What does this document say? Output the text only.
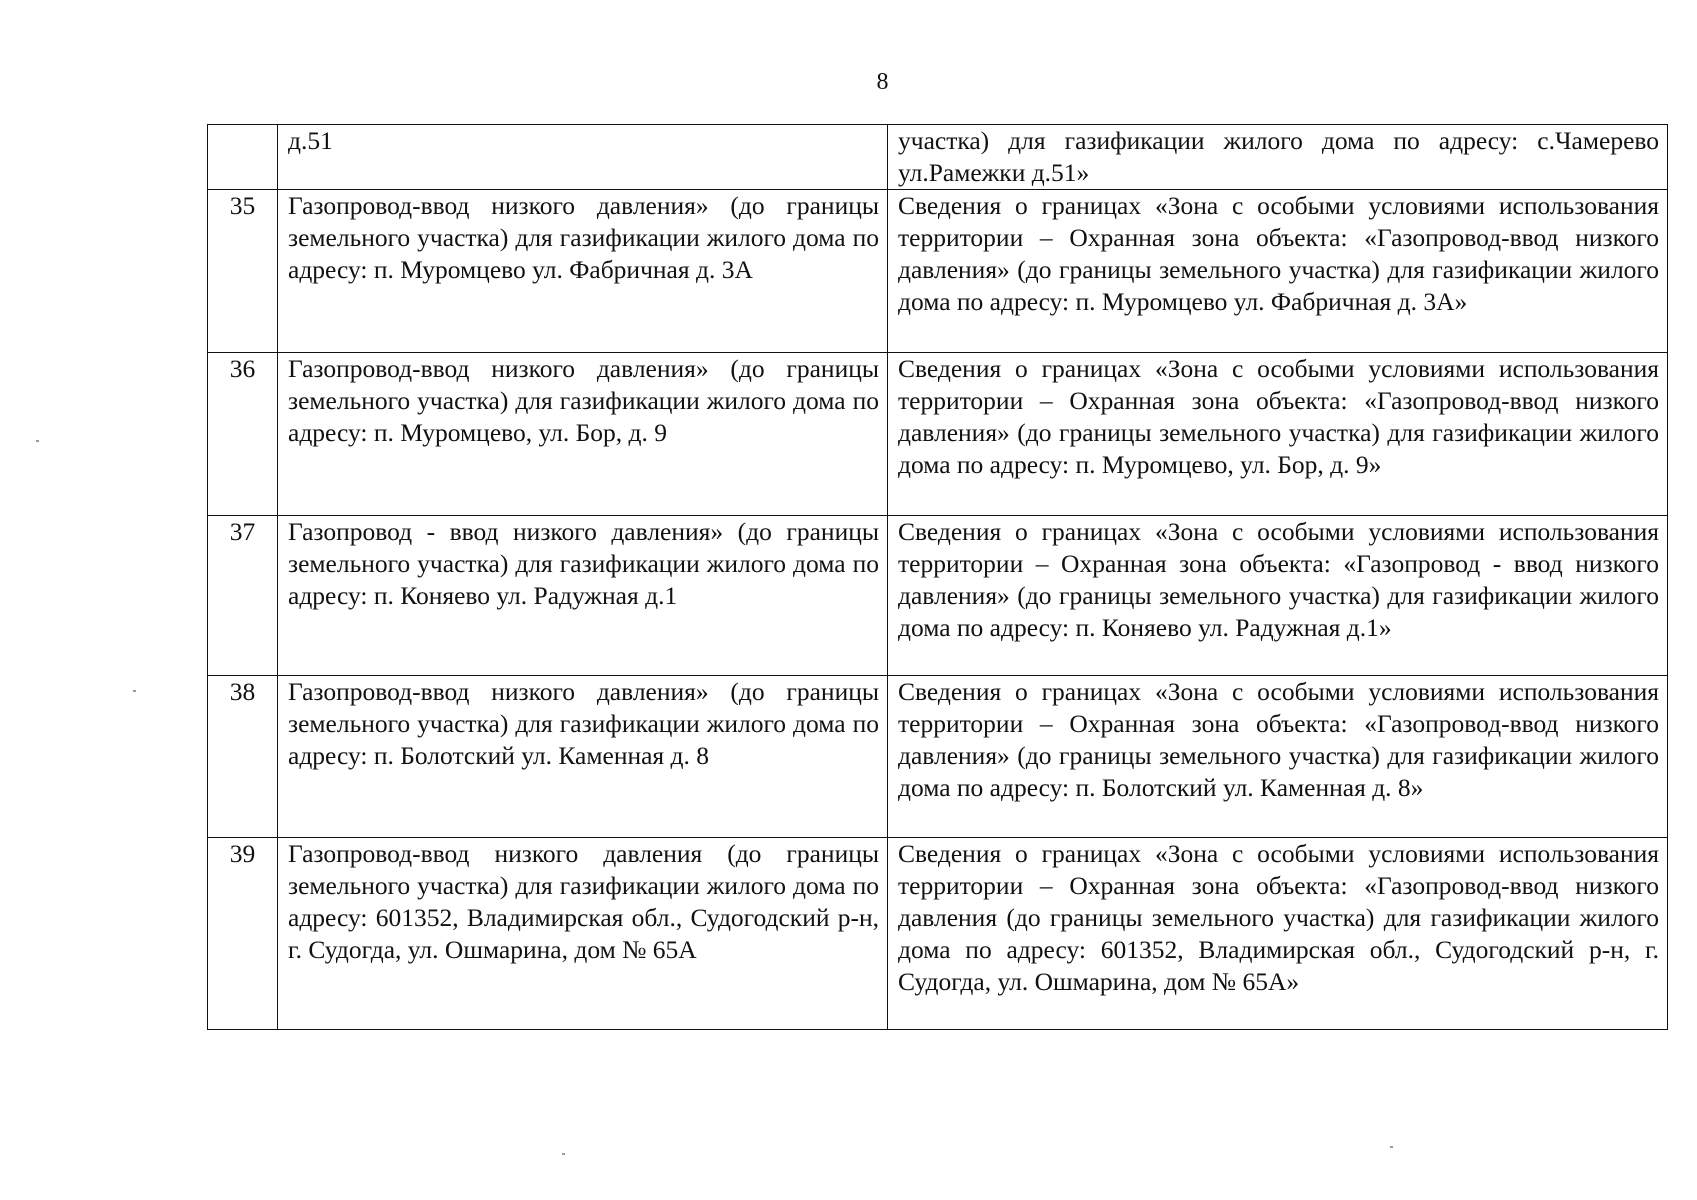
8
	д.51	участка) для газификации жилого дома по адресу: с.Чамерево ул.Рамежки д.51»
35	Газопровод-ввод низкого давления» (до границы земельного участка) для газификации жилого дома по адресу: п. Муромцево ул. Фабричная д. 3А	Сведения о границах «Зона с особыми условиями использования территории – Охранная зона объекта: «Газопровод-ввод низкого давления» (до границы земельного участка) для газификации жилого дома по адресу: п. Муромцево ул. Фабричная д. 3А»
36	Газопровод-ввод низкого давления» (до границы земельного участка) для газификации жилого дома по адресу: п. Муромцево, ул. Бор, д. 9	Сведения о границах «Зона с особыми условиями использования территории – Охранная зона объекта: «Газопровод-ввод низкого давления» (до границы земельного участка) для газификации жилого дома по адресу: п. Муромцево, ул. Бор, д. 9»
37	Газопровод - ввод низкого давления» (до границы земельного участка) для газификации жилого дома по адресу: п. Коняево ул. Радужная д.1	Сведения о границах «Зона с особыми условиями использования территории – Охранная зона объекта: «Газопровод - ввод низкого давления» (до границы земельного участка) для газификации жилого дома по адресу: п. Коняево ул. Радужная д.1»
38	Газопровод-ввод низкого давления» (до границы земельного участка) для газификации жилого дома по адресу: п. Болотский ул. Каменная д. 8	Сведения о границах «Зона с особыми условиями использования территории – Охранная зона объекта: «Газопровод-ввод низкого давления» (до границы земельного участка) для газификации жилого дома по адресу: п. Болотский ул. Каменная д. 8»
39	Газопровод-ввод низкого давления (до границы земельного участка) для газификации жилого дома по адресу: 601352, Владимирская обл., Судогодский р-н, г. Судогда, ул. Ошмарина, дом № 65А	Сведения о границах «Зона с особыми условиями использования территории – Охранная зона объекта: «Газопровод-ввод низкого давления (до границы земельного участка) для газификации жилого дома по адресу: 601352, Владимирская обл., Судогодский р-н, г. Судогда, ул. Ошмарина, дом № 65А»
